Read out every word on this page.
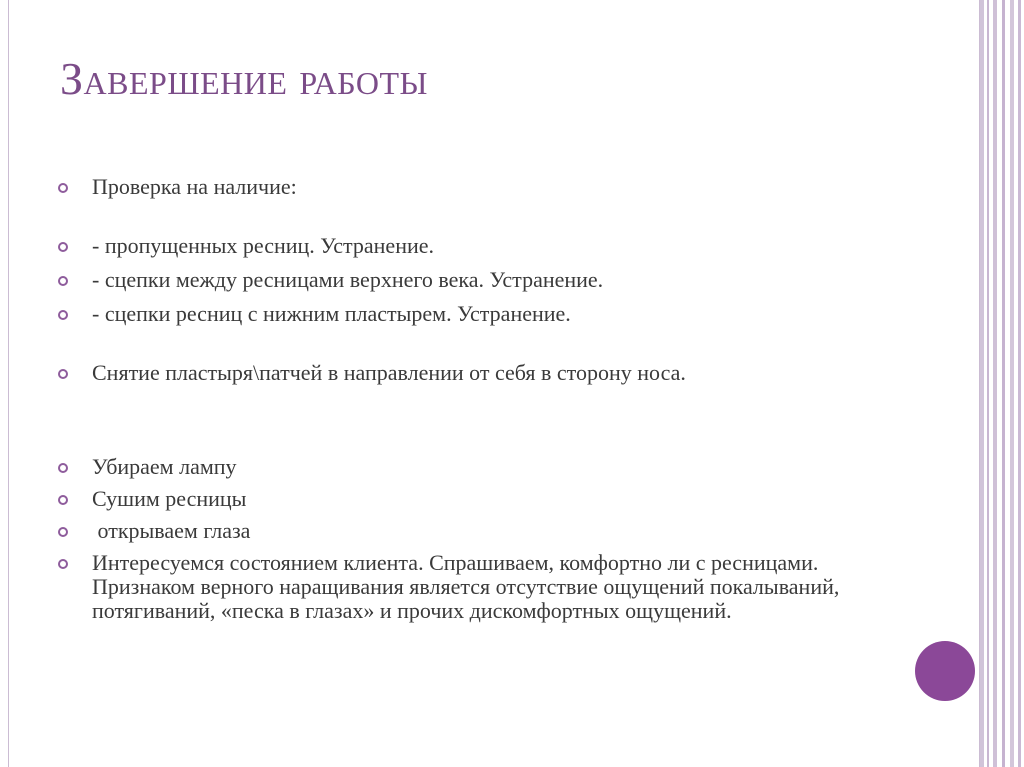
Завершение работы
Проверка на наличие:
- пропущенных ресниц. Устранение.
- сцепки между ресницами верхнего века. Устранение.
- сцепки ресниц с нижним пластырем. Устранение.
Снятие пластыря\патчей в направлении от себя в сторону носа.
Убираем лампу
Сушим ресницы
открываем глаза
Интересуемся состоянием клиента. Спрашиваем, комфортно ли с ресницами. Признаком верного наращивания является отсутствие ощущений покалываний, потягиваний, «песка в глазах» и прочих дискомфортных ощущений.
